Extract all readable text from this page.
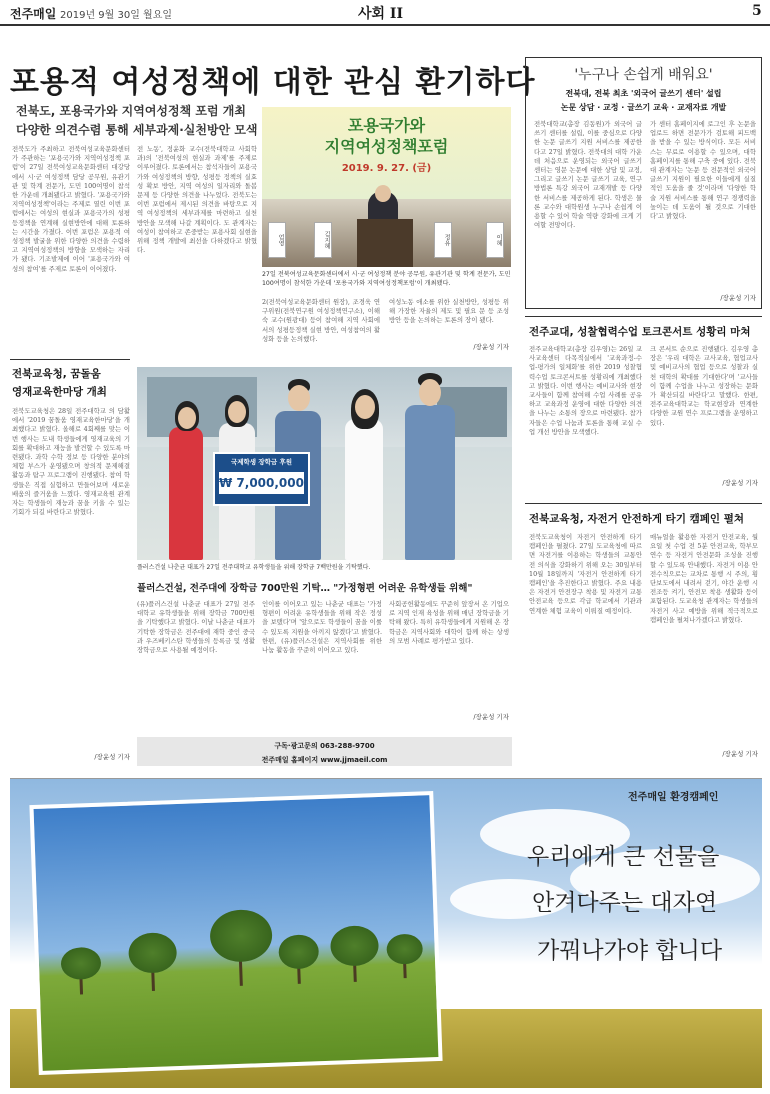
전주매일 2019년 9월 30일 월요일	사회 II	5
포용적 여성정책에 대한 관심 환기하다
전북도, 포용국가와 지역여성정책 포럼 개최
다양한 의견수렴 통해 세부과제·실천방안 모색
전북도가 주최하고 전북여성교육문화센터가 주관하는 '포용국가와 지역여성정책 포럼'이 27일 전북여성교육문화센터 대강당에서 시·군 여성정책 담당 공무원, 유관기관 및 학계 전문가, 도민 100여명이 참석한 가운데 개최됐다고 밝혔다. '포용국가와 지역여성정책'이라는 주제로 열린 이번 포럼에서는 여성의 현실과 포용국가의 성평등정책을 연계해 실현방안에 대해 토론하는 시간을 가졌다. 이번 포럼은 포용적 여성정책 발굴을 위한 다양한 의견을 수렴하고 지역여성정책의 방향을 모색하는 자리가 됐다. 기조발제에 이어 '포용국가와 여성의 참여'를 주제로 토론이 이어졌다.
전 노동', 정윤화 교수(전북대학교 사회학과)의 '전북여성의 현실과 과제'를 주제로 이루어졌다. 토론에서는 참석자들이 포용국가와 여성정책의 방향, 성평등 정책의 실효성 확보 방안, 지역 여성의 일자리와 돌봄 문제 등 다양한 의견을 나누었다. 전북도는 이번 포럼에서 제시된 의견을 바탕으로 지역 여성정책의 세부과제를 마련하고 실천 방안을 모색해 나갈 계획이다. 도 관계자는 여성이 참여하고 존중받는 포용사회 실현을 위해 정책 개발에 최선을 다하겠다고 밝혔다.
2(전북여성교육문화센터 원장), 조경욱 연구위원(전북연구원 여성정책연구소), 이해숙 교수(원광대) 등이 참여해 지역 사회에서의 성평등정책 실현 방안, 여성참여의 활성화 등을 논의했다.
여성노동 애소를 위한 실천방안, 성평등 위해 가장한 자율의 제도 및 필요 문 등 조성 방안 등을 논의하는 토론의 장이 됐다.
/장윤성 기자
포용국가와
지역여성정책포럼
2019. 9. 27. (금)
엄영	김지혜	정유	이혜
27일 전북여성교육문화센터에서 시·군 여성정책 분야 공무원, 유관기관 및 학계 전문가, 도민 100여명이 참석한 가운데 '포용국가와 지역여성정책포럼'이 개최됐다.
'누구나 손쉽게 배워요'
전북대, 전북 최초 '외국어 글쓰기 센터' 설립
논문 상담 · 교정 · 글쓰기 교육 · 교재자료 개발
전북대학교(총장 김동원)가 외국어 글쓰기 센터를 설립, 이를 중심으로 다양한 논문 글쓰기 지원 서비스를 제공한다고 27일 밝혔다. 전북대의 대학 가운데 처음으로 운영되는 외국어 글쓰기 센터는 영문 논문에 대한 상담 및 교정, 그리고 글쓰기 논문 글쓰기 교육, 연구방법론 특강 외국어 교재개발 등 다양한 서비스를 제공하게 된다. 학생은 물론 교수와 대학원생 누구나 손쉽게 이용할 수 있어 학술 역량 강화에 크게 기여할 전망이다.
가 센터 홈페이지에 로그인 후 논문을 업로드 하면 전문가가 검토해 피드백을 받을 수 있는 방식이다. 모든 서비스는 무료로 이용할 수 있으며, 대학 홈페이지를 통해 구축 중에 있다. 전북대 관계자는 '논문 등 전문적인 외국어 글쓰기 지원이 필요한 이들에게 실질적인 도움을 줄 것'이라며 '다양한 학술 지원 서비스를 통해 연구 경쟁력을 높이는 데 도움이 될 것으로 기대한다'고 밝혔다.
/장윤성 기자
전주교대, 성찰협력수업 토크콘서트 성황리 마쳐
전주교육대학교(총장 김우영)는 26일 교사교육센터 다목적실에서 '교육과정-수업-평가의 일체화'를 위한 2019 성찰협력수업 토크콘서트를 성황리에 개최했다고 밝혔다. 이번 행사는 예비교사와 현장 교사들이 함께 참여해 수업 사례를 공유하고 교육과정 운영에 대한 다양한 의견을 나누는 소통의 장으로 마련됐다. 참가자들은 수업 나눔과 토론을 통해 교실 수업 개선 방안을 모색했다.
크 콘서트 순으로 진행됐다. 김우영 총장은 '우리 대학은 교사교육, 협업교사 및 예비교사의 협업 등으로 성찰과 실천 대학의 확대를 기대한다'며 '교사들이 함께 수업을 나누고 성장하는 문화가 확산되길 바란다'고 말했다. 한편, 전주교육대학교는 학교현장과 연계한 다양한 교원 연수 프로그램을 운영하고 있다.
/장윤성 기자
전북교육청, 자전거 안전하게 타기 캠페인 펼쳐
전북도교육청이 자전거 안전하게 타기 캠페인을 펼쳤다. 27일 도교육청에 따르면 자전거를 이용하는 학생들의 교통안전 의식을 강화하기 위해 오는 30일부터 10월 18일까지 '자전거 안전하게 타기 캠페인'을 추진한다고 밝혔다. 주요 내용은 자전거 안전장구 착용 및 자전거 교통안전교육 등으로 각급 학교에서 기관과 연계한 체험 교육이 이뤄질 예정이다.
매뉴얼을 활용한 자전거 안전교육, 월요일 첫 수업 전 5분 안전교육, 학부모 연수 등 자전거 안전문화 조성을 진행할 수 있도록 안내했다. 자전거 이용 안전수칙으로는 교차로 통행 시 주의, 횡단보도에서 내려서 걷기, 야간 운행 시 전조등 켜기, 안전모 착용 생활화 등이 포함된다. 도교육청 관계자는 학생들의 자전거 사고 예방을 위해 적극적으로 캠페인을 펼쳐나가겠다고 밝혔다.
/장윤성 기자
전북교육청, 꿈돌움
영재교육한마당 개최
전북도교육청은 28일 전주대학교 의 담활에서 '2019 꿈돌움 영재교육한마당'을 개최했다고 밝혔다. 올해로 4회째를 맞는 이번 행사는 도내 학생들에게 영재교육의 기회를 확대하고 재능을 발견할 수 있도록 마련됐다. 과학 수학 정보 등 다양한 분야의 체험 부스가 운영됐으며 창의적 문제해결 활동과 탐구 프로그램이 진행됐다. 참여 학생들은 직접 실험하고 만들어보며 새로운 배움의 즐거움을 느꼈다. 영재교육원 관계자는 학생들이 재능과 꿈을 키울 수 있는 기회가 되길 바란다고 밝혔다.
/장윤성 기자
국제학생 장학금 후원
₩ 7,000,000
플러스건설 나춘균 대표가 27일 전주대학교 유학생들을 위해 장학금 7백만원을 기탁했다.
플러스건설, 전주대에 장학금 700만원 기탁… "가정형편 어려운 유학생들 위해"
(유)플러스건설 나춘균 대표가 27일 전주대학교 유학생들을 위해 장학금 700만원을 기탁했다고 밝혔다. 이날 나춘균 대표가 기탁한 장학금은 전주대에 재학 중인 중국과 우즈베키스탄 학생들의 등록금 및 생활 장학금으로 사용될 예정이다.
인이를 이어오고 있는 나춘균 대표는 '가정형편이 어려운 유학생들을 위해 작은 정성을 보탰다'며 '앞으로도 학생들이 꿈을 이룰 수 있도록 지원을 아끼지 않겠다'고 밝혔다. 한편, (유)플러스건설은 지역사회를 위한 나눔 활동을 꾸준히 이어오고 있다.
사회공헌활동에도 꾸준히 앞장서 온 기업으로 지역 인재 육성을 위해 매년 장학금을 기탁해 왔다. 특히 유학생들에게 지원해 온 장학금은 지역사회와 대학이 함께 하는 상생의 모범 사례로 평가받고 있다.
/장윤성 기자
구독·광고문의 063-288-9700
전주매일 홈페이지 www.jjmaeil.com
전주매일 환경캠페인
우리에게 큰 선물을
안겨다주는 대자연
가꿔나가야 합니다
